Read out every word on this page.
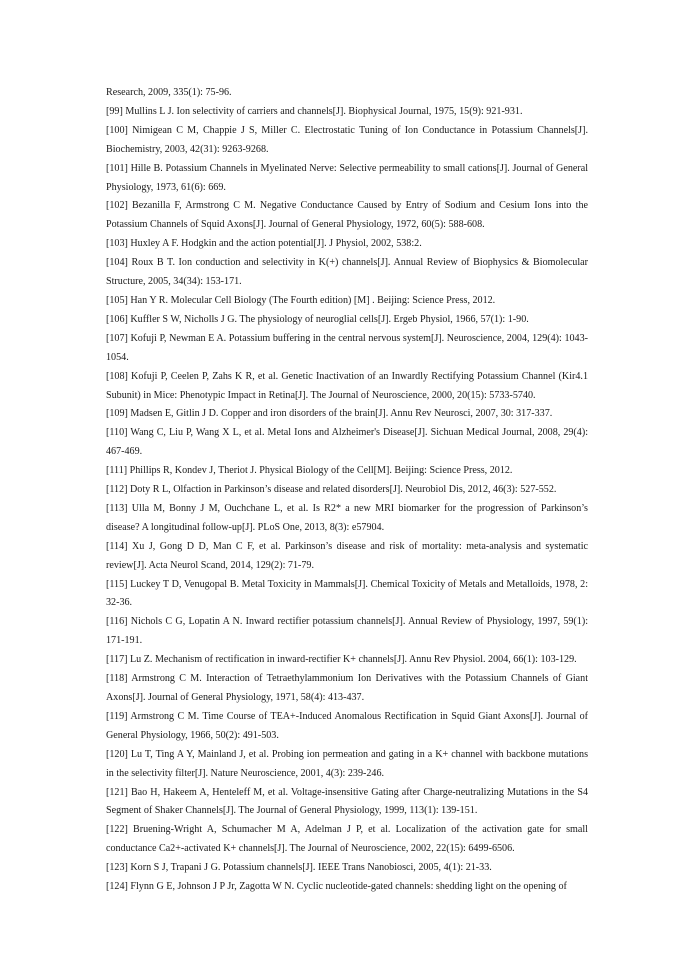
Research, 2009, 335(1): 75-96.

[99] Mullins L J. Ion selectivity of carriers and channels[J]. Biophysical Journal, 1975, 15(9): 921-931.

[100] Nimigean C M, Chappie J S, Miller C. Electrostatic Tuning of Ion Conductance in Potassium Channels[J]. Biochemistry, 2003, 42(31): 9263-9268.

[101] Hille B. Potassium Channels in Myelinated Nerve: Selective permeability to small cations[J]. Journal of General Physiology, 1973, 61(6): 669.

[102] Bezanilla F, Armstrong C M. Negative Conductance Caused by Entry of Sodium and Cesium Ions into the Potassium Channels of Squid Axons[J]. Journal of General Physiology, 1972, 60(5): 588-608.

[103] Huxley A F. Hodgkin and the action potential[J]. J Physiol, 2002, 538:2.

[104] Roux B T. Ion conduction and selectivity in K(+) channels[J]. Annual Review of Biophysics & Biomolecular Structure, 2005, 34(34): 153-171.

[105] Han Y R. Molecular Cell Biology (The Fourth edition) [M] . Beijing: Science Press, 2012.

[106] Kuffler S W, Nicholls J G. The physiology of neuroglial cells[J]. Ergeb Physiol, 1966, 57(1): 1-90.

[107] Kofuji P, Newman E A. Potassium buffering in the central nervous system[J]. Neuroscience, 2004, 129(4): 1043-1054.

[108] Kofuji P, Ceelen P, Zahs K R, et al. Genetic Inactivation of an Inwardly Rectifying Potassium Channel (Kir4.1 Subunit) in Mice: Phenotypic Impact in Retina[J]. The Journal of Neuroscience, 2000, 20(15): 5733-5740.

[109] Madsen E, Gitlin J D. Copper and iron disorders of the brain[J]. Annu Rev Neurosci, 2007, 30: 317-337.

[110] Wang C, Liu P, Wang X L, et al. Metal Ions and Alzheimer's Disease[J]. Sichuan Medical Journal, 2008, 29(4): 467-469.

[111] Phillips R, Kondev J, Theriot J. Physical Biology of the Cell[M]. Beijing: Science Press, 2012.

[112] Doty R L, Olfaction in Parkinson’s disease and related disorders[J]. Neurobiol Dis, 2012, 46(3): 527-552.

[113] Ulla M, Bonny J M, Ouchchane L, et al. Is R2* a new MRI biomarker for the progression of Parkinson’s disease? A longitudinal follow-up[J]. PLoS One, 2013, 8(3): e57904.

[114] Xu J, Gong D D, Man C F, et al. Parkinson’s disease and risk of mortality: meta-analysis and systematic review[J]. Acta Neurol Scand, 2014, 129(2): 71-79.

[115] Luckey T D, Venugopal B. Metal Toxicity in Mammals[J]. Chemical Toxicity of Metals and Metalloids, 1978, 2: 32-36.

[116] Nichols C G, Lopatin A N. Inward rectifier potassium channels[J]. Annual Review of Physiology, 1997, 59(1): 171-191.

[117] Lu Z. Mechanism of rectification in inward-rectifier K+ channels[J]. Annu Rev Physiol. 2004, 66(1): 103-129.

[118] Armstrong C M. Interaction of Tetraethylammonium Ion Derivatives with the Potassium Channels of Giant Axons[J]. Journal of General Physiology, 1971, 58(4): 413-437.

[119] Armstrong C M. Time Course of TEA+-Induced Anomalous Rectification in Squid Giant Axons[J]. Journal of General Physiology, 1966, 50(2): 491-503.

[120] Lu T, Ting A Y, Mainland J, et al. Probing ion permeation and gating in a K+ channel with backbone mutations in the selectivity filter[J]. Nature Neuroscience, 2001, 4(3): 239-246.

[121] Bao H, Hakeem A, Henteleff M, et al. Voltage-insensitive Gating after Charge-neutralizing Mutations in the S4 Segment of Shaker Channels[J]. The Journal of General Physiology, 1999, 113(1): 139-151.

[122] Bruening-Wright A, Schumacher M A, Adelman J P, et al. Localization of the activation gate for small conductance Ca2+-activated K+ channels[J]. The Journal of Neuroscience, 2002, 22(15): 6499-6506.

[123] Korn S J, Trapani J G. Potassium channels[J]. IEEE Trans Nanobiosci, 2005, 4(1): 21-33.

[124] Flynn G E, Johnson J P Jr, Zagotta W N. Cyclic nucleotide-gated channels: shedding light on the opening of
